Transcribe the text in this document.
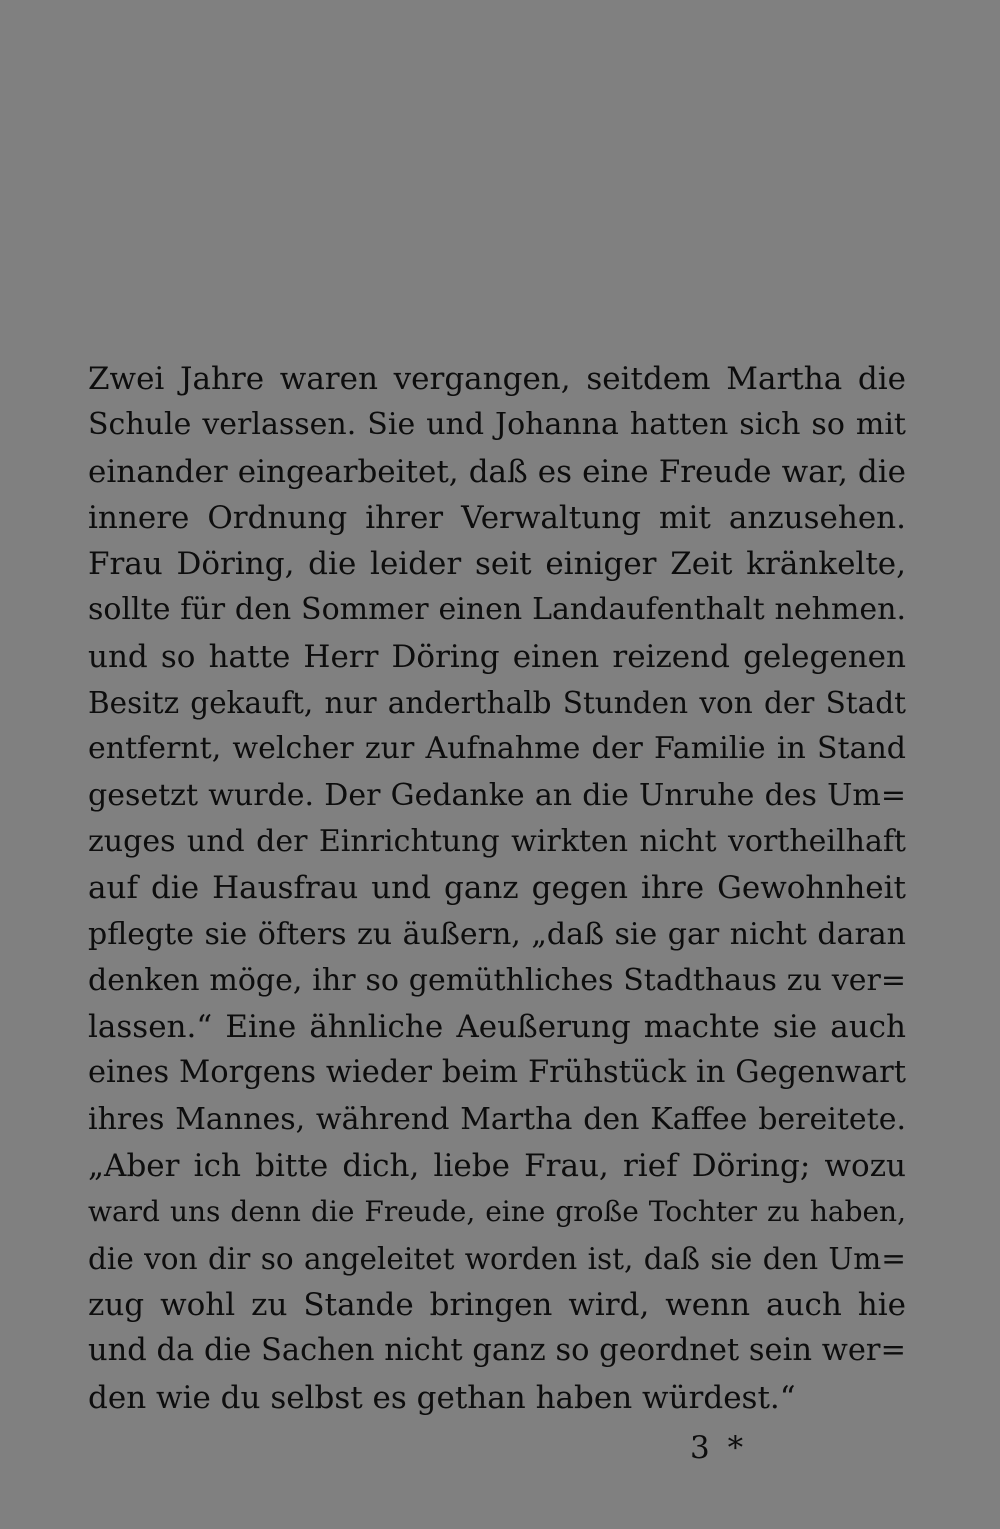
Zwei Jahre waren vergangen, seitdem Martha die
Schule verlassen. Sie und Johanna hatten sich so mit
einander eingearbeitet, daß es eine Freude war, die
innere Ordnung ihrer Verwaltung mit anzusehen.
Frau Döring, die leider seit einiger Zeit kränkelte,
sollte für den Sommer einen Landaufenthalt nehmen.
und so hatte Herr Döring einen reizend gelegenen
Besitz gekauft, nur anderthalb Stunden von der Stadt
entfernt, welcher zur Aufnahme der Familie in Stand
gesetzt wurde. Der Gedanke an die Unruhe des Um=
zuges und der Einrichtung wirkten nicht vortheilhaft
auf die Hausfrau und ganz gegen ihre Gewohnheit
pflegte sie öfters zu äußern, „daß sie gar nicht daran
denken möge, ihr so gemüthliches Stadthaus zu ver=
lassen.“ Eine ähnliche Aeußerung machte sie auch
eines Morgens wieder beim Frühstück in Gegenwart
ihres Mannes, während Martha den Kaffee bereitete.
„Aber ich bitte dich, liebe Frau, rief Döring; wozu
ward uns denn die Freude, eine große Tochter zu haben,
die von dir so angeleitet worden ist, daß sie den Um=
zug wohl zu Stande bringen wird, wenn auch hie
und da die Sachen nicht ganz so geordnet sein wer=
den wie du selbst es gethan haben würdest.“
3 *
